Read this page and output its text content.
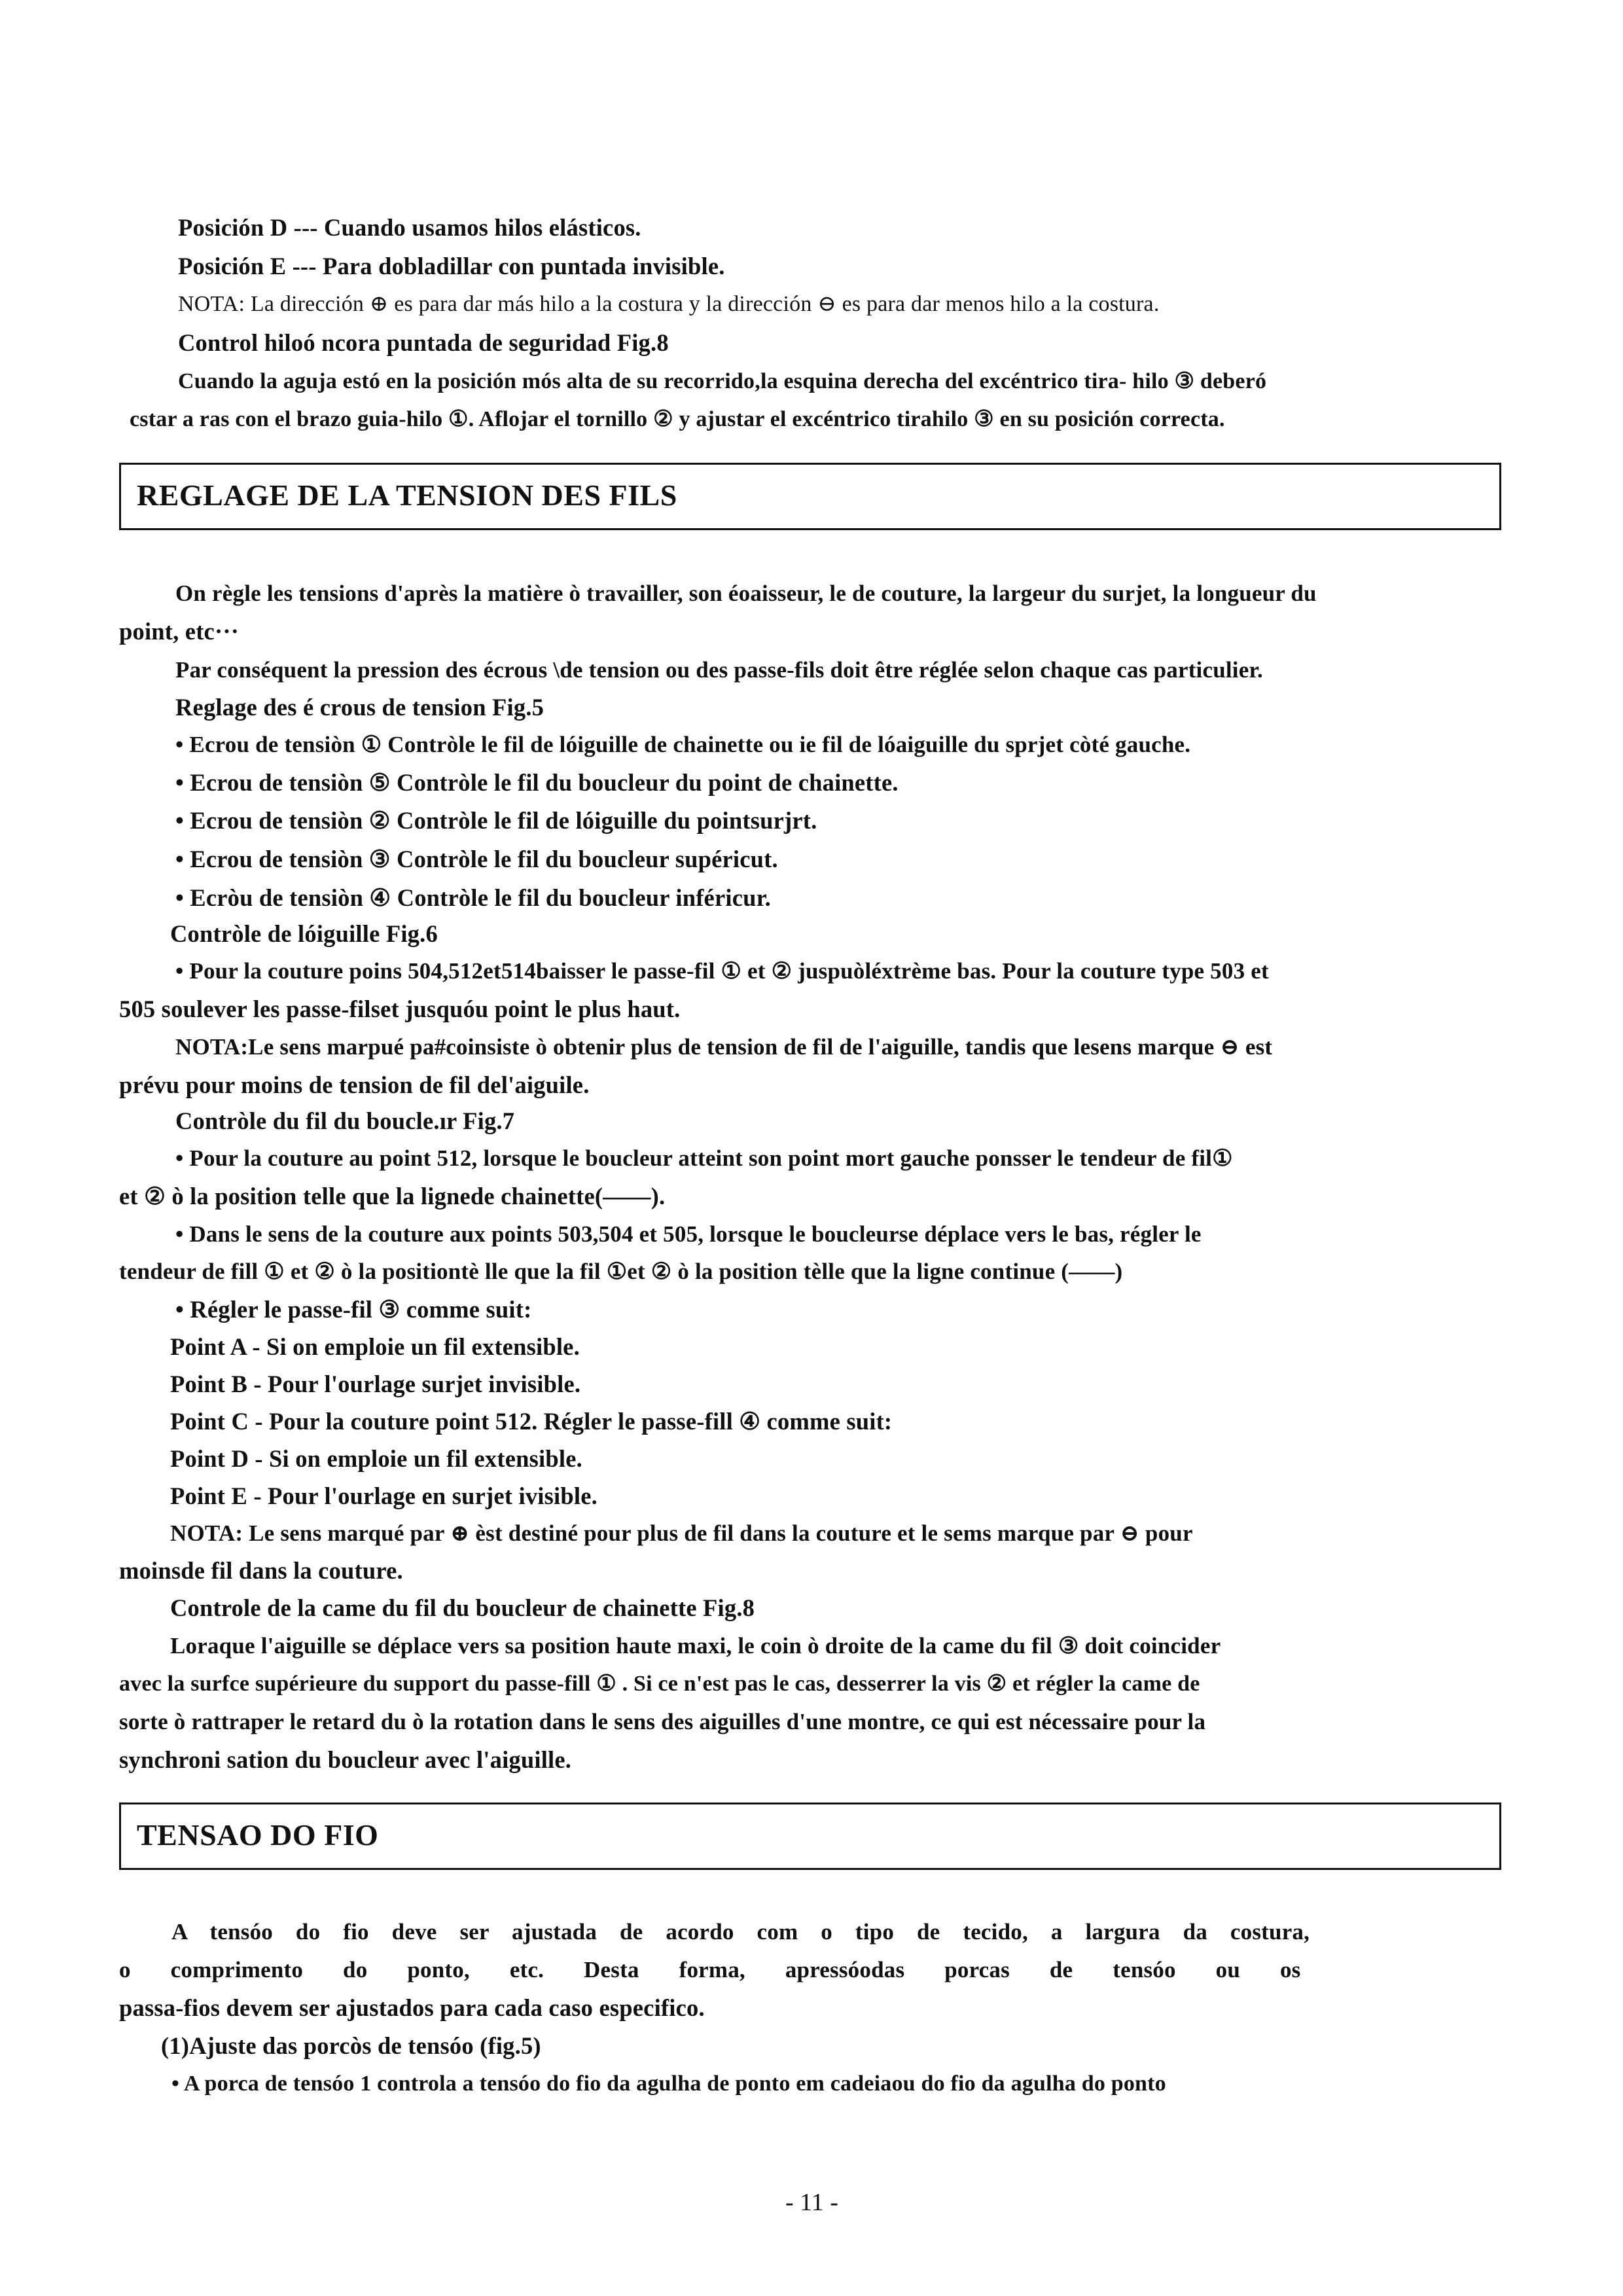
Posición D --- Cuando usamos hilos elásticos.
Posición E --- Para dobladillar con puntada invisible.
NOTA: La dirección ⊕ es para dar más hilo a la costura y la dirección ⊖ es para dar menos hilo a la costura.
Control hiloó ncora puntada de seguridad Fig.8
Cuando la aguja estó en la posición mós alta de su recorrido,la esquina derecha del excéntrico tira- hilo ③ deberó
cstar a ras con el brazo guia-hilo ①. Aflojar el tornillo ② y ajustar el excéntrico tirahilo ③ en su posición correcta.
REGLAGE DE LA TENSION DES FILS
On règle les tensions d'après la matière ò travailler, son éoaisseur, le de couture, la largeur du surjet, la longueur du
point, etc···
Par conséquent la pression des écrous \de tension ou des passe-fils doit être réglée selon chaque cas particulier.
Reglage des é crous de tension Fig.5
• Ecrou de tensiòn ① Contròle le fil de lóiguille de chainette ou ie fil de lóaiguille du sprjet còté gauche.
• Ecrou de tensiòn ⑤ Contròle le fil du boucleur du point de chainette.
• Ecrou de tensiòn ② Contròle le fil de lóiguille du pointsurjrt.
• Ecrou de tensiòn ③ Contròle le fil du boucleur supéricut.
• Ecròu de tensiòn ④ Contròle le fil du boucleur inféricur.
Contròle de lóiguille Fig.6
• Pour la couture poins 504,512et514baisser le passe-fil ① et ② juspuòléxtrème bas. Pour la couture type 503 et
505 soulever les passe-filset jusquóu point le plus haut.
NOTA:Le sens marpué pa#coinsiste ò obtenir plus de tension de fil de l'aiguille, tandis que lesens marque ⊖ est
prévu pour moins de tension de fil del'aiguile.
Contròle du fil du boucle.ır Fig.7
• Pour la couture au point 512, lorsque le boucleur atteint son point mort gauche ponsser le tendeur de fil①
et ② ò la position telle que la lignede chainette(——).
• Dans le sens de la couture aux points 503,504 et 505, lorsque le boucleurse déplace vers le bas, régler le
tendeur de fill ① et ② ò la positiontè lle que la fil ①et ② ò la position tèlle que la ligne continue (——)
• Régler le passe-fil ③ comme suit:
Point A - Si on emploie un fil extensible.
Point B - Pour l'ourlage surjet invisible.
Point C - Pour la couture point 512. Régler le passe-fill ④ comme suit:
Point D - Si on emploie un fil extensible.
Point E - Pour l'ourlage en surjet ivisible.
NOTA: Le sens marqué par ⊕ èst destiné pour plus de fil dans la couture et le sems marque par ⊖ pour
moinsde fil dans la couture.
Controle de la came du fil du boucleur de chainette Fig.8
Loraque l'aiguille se déplace vers sa position haute maxi, le coin ò droite de la came du fil ③ doit coincider
avec la surfce supérieure du support du passe-fill ① . Si ce n'est pas le cas, desserrer la vis ② et régler la came de
sorte ò rattraper le retard du ò la rotation dans le sens des aiguilles d'une montre, ce qui est nécessaire pour la
synchroni sation du boucleur avec l'aiguille.
TENSAO DO FIO
A tensóo do fio deve ser ajustada de acordo com o tipo de tecido, a largura da costura,
o comprimento do ponto, etc. Desta forma, apressóodas porcas de tensóo ou os
passa-fios devem ser ajustados para cada caso especifico.
(1)Ajuste das porcòs de tensóo (fig.5)
• A porca de tensóo 1 controla a tensóo do fio da agulha de ponto em cadeiaou do fio da agulha do ponto
- 11 -
